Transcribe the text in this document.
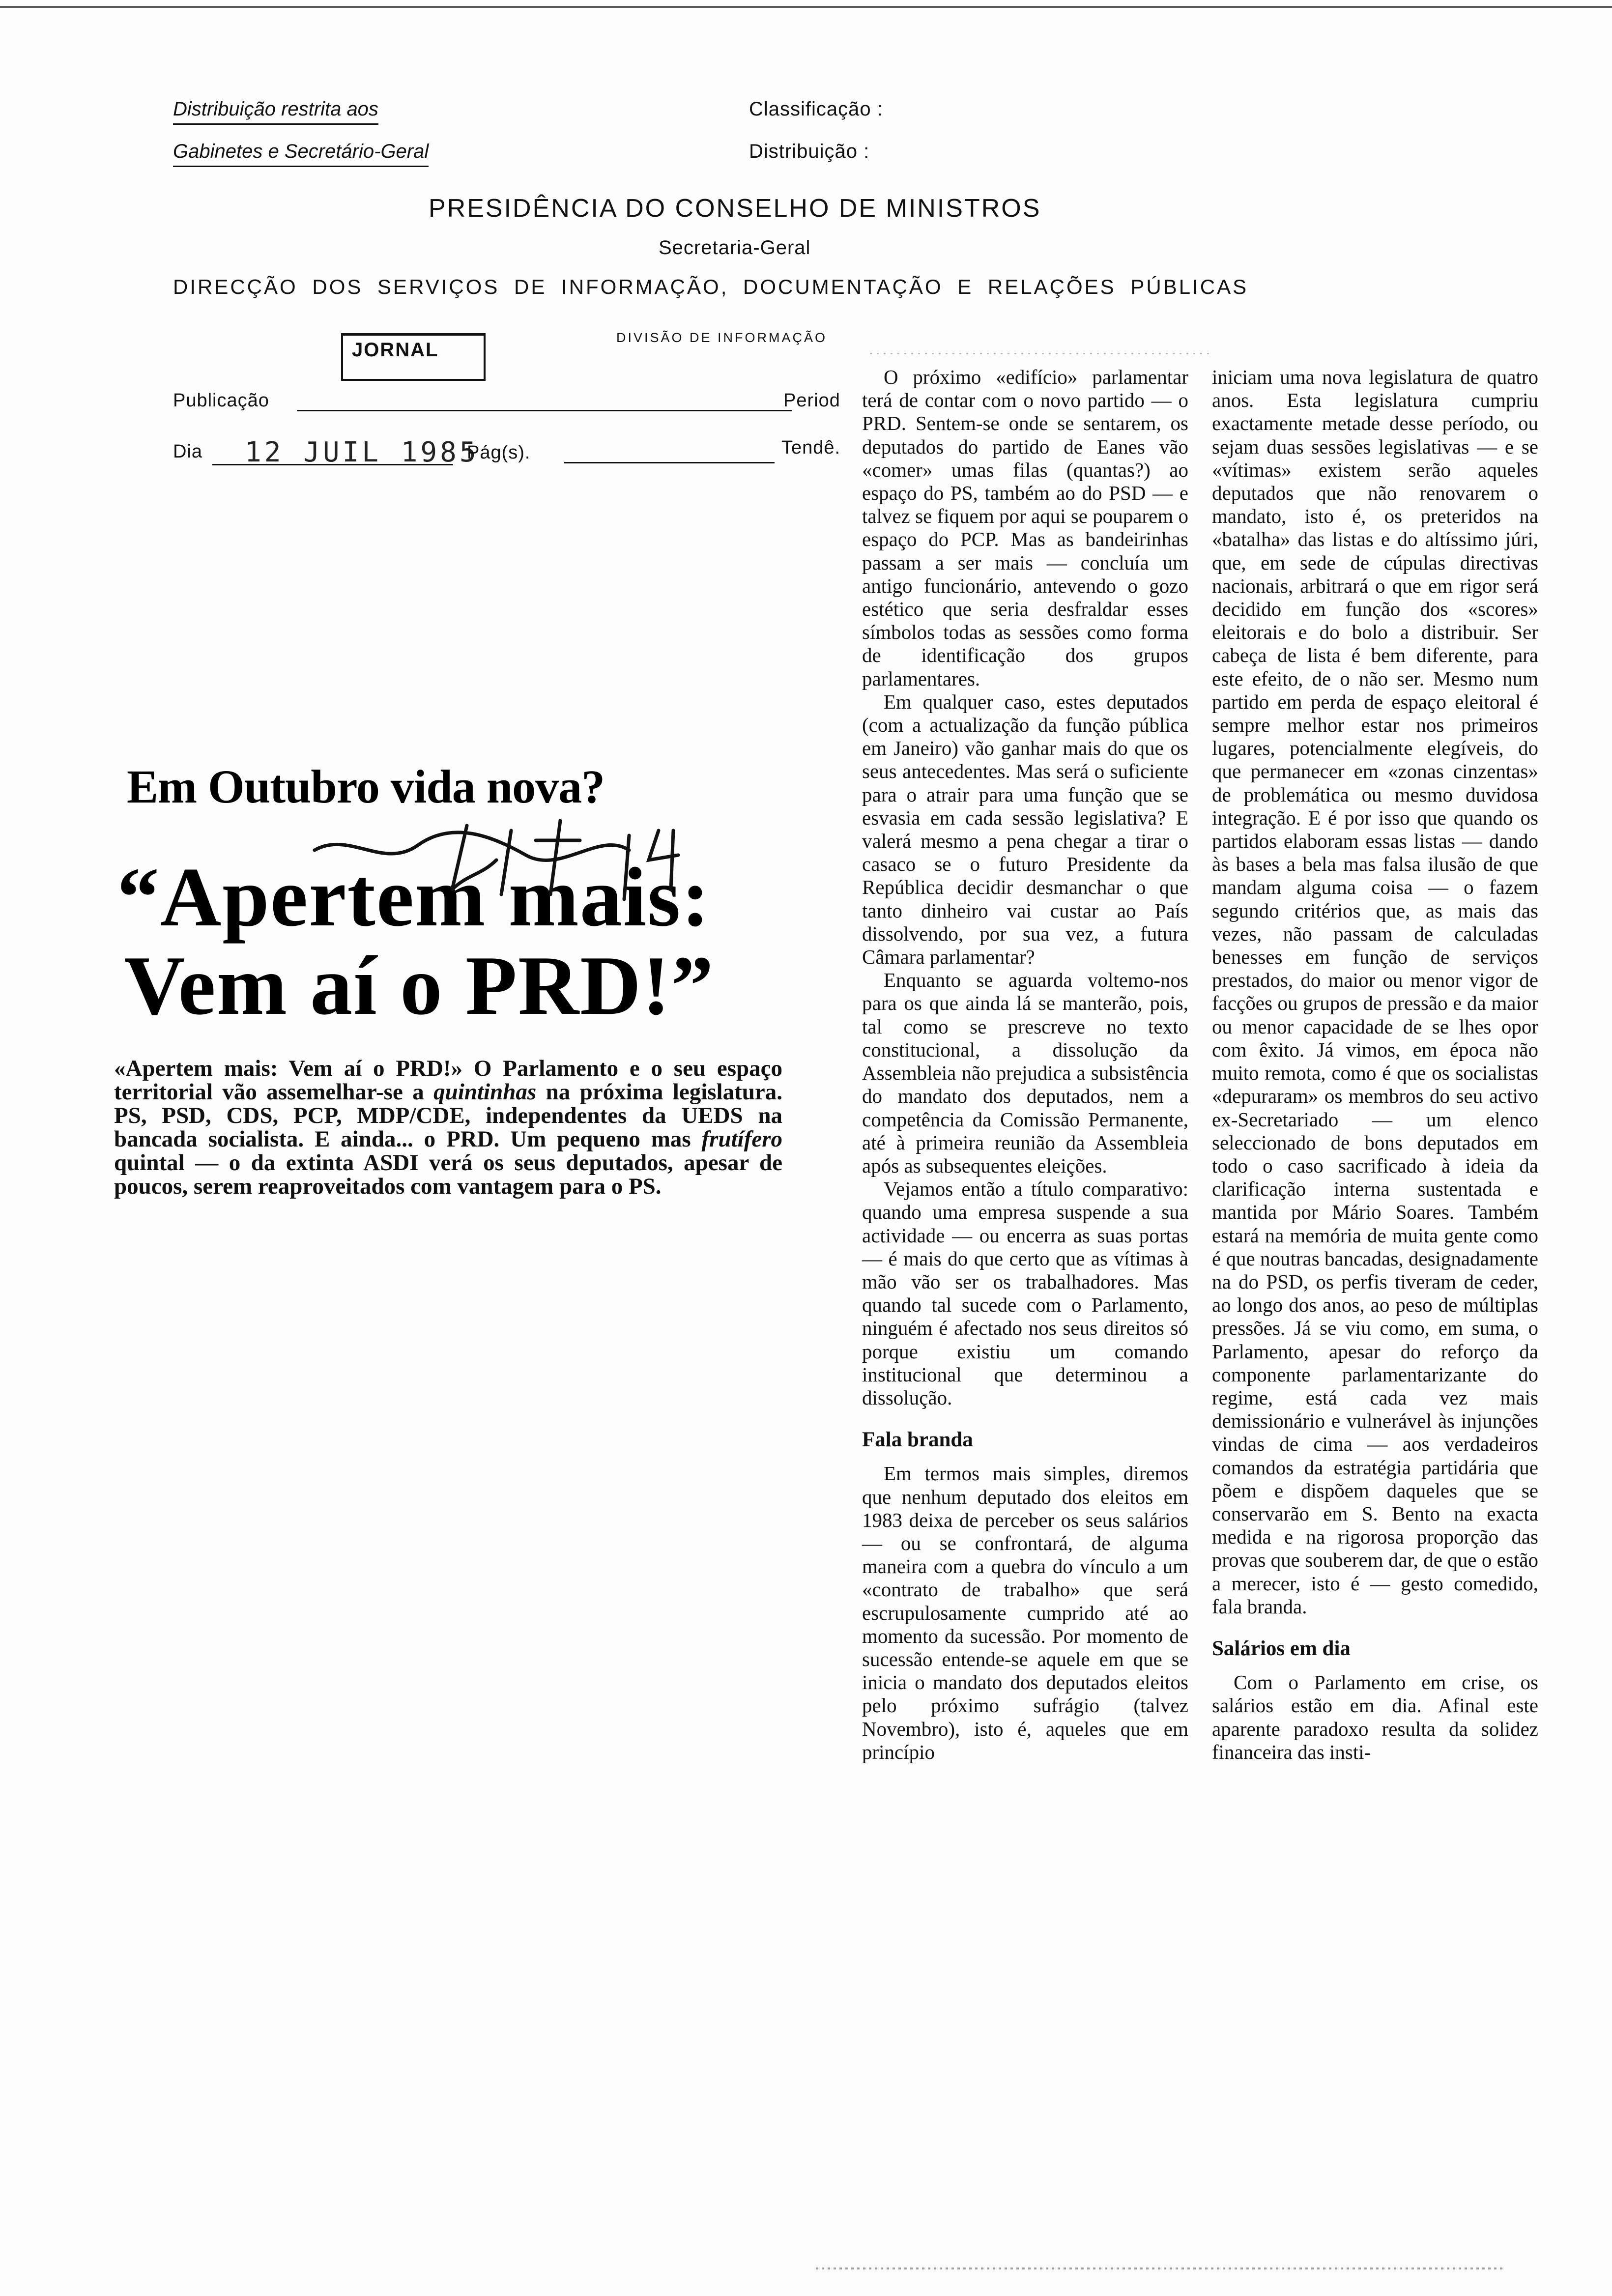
Distribuição restrita aos
Gabinetes e Secretário-Geral
Classificação :
Distribuição :
PRESIDÊNCIA DO CONSELHO DE MINISTROS
Secretaria-Geral
DIRECÇÃO DOS SERVIÇOS DE INFORMAÇÃO, DOCUMENTAÇÃO E RELAÇÕES PÚBLICAS
DIVISÃO DE INFORMAÇÃO
JORNAL
Publicação	Period
Dia 12 JUIL 1985
Pág(s).	Tendê.
Em Outubro vida nova?
“Apertem mais:
Vem aí o PRD!”
«Apertem mais: Vem aí o PRD!» O Parlamento e o seu espaço territorial vão assemelhar-se a quintinhas na próxima legislatura. PS, PSD, CDS, PCP, MDP/CDE, independentes da UEDS na bancada socialista. E ainda... o PRD. Um pequeno mas frutífero quintal — o da extinta ASDI verá os seus deputados, apesar de poucos, serem reaproveitados com vantagem para o PS.

O próximo «edifício» parlamentar terá de contar com o novo partido — o PRD. Sentem-se onde se sentarem, os deputados do partido de Eanes vão «comer» umas filas (quantas?) ao espaço do PS, também ao do PSD — e talvez se fiquem por aqui se pouparem o espaço do PCP. Mas as bandeirinhas passam a ser mais — concluía um antigo funcionário, antevendo o gozo estético que seria desfraldar esses símbolos todas as sessões como forma de identificação dos grupos parlamentares.

Em qualquer caso, estes deputados (com a actualização da função pública em Janeiro) vão ganhar mais do que os seus antecedentes. Mas será o suficiente para o atrair para uma função que se esvasia em cada sessão legislativa? E valerá mesmo a pena chegar a tirar o casaco se o futuro Presidente da República decidir desmanchar o que tanto dinheiro vai custar ao País dissolvendo, por sua vez, a futura Câmara parlamentar?

Enquanto se aguarda voltemo-nos para os que ainda lá se manterão, pois, tal como se prescreve no texto constitucional, a dissolução da Assembleia não prejudica a subsistência do mandato dos deputados, nem a competência da Comissão Permanente, até à primeira reunião da Assembleia após as subsequentes eleições.

Vejamos então a título comparativo: quando uma empresa suspende a sua actividade — ou encerra as suas portas — é mais do que certo que as vítimas à mão vão ser os trabalhadores. Mas quando tal sucede com o Parlamento, ninguém é afectado nos seus direitos só porque existiu um comando institucional que determinou a dissolução.

Fala branda

Em termos mais simples, diremos que nenhum deputado dos eleitos em 1983 deixa de perceber os seus salários — ou se confrontará, de alguma maneira com a quebra do vínculo a um «contrato de trabalho» que será escrupulosamente cumprido até ao momento da sucessão. Por momento de sucessão entende-se aquele em que se inicia o mandato dos deputados eleitos pelo próximo sufrágio (talvez Novembro), isto é, aqueles que em princípio

iniciam uma nova legislatura de quatro anos. Esta legislatura cumpriu exactamente metade desse período, ou sejam duas sessões legislativas — e se «vítimas» existem serão aqueles deputados que não renovarem o mandato, isto é, os preteridos na «batalha» das listas e do altíssimo júri, que, em sede de cúpulas directivas nacionais, arbitrará o que em rigor será decidido em função dos «scores» eleitorais e do bolo a distribuir. Ser cabeça de lista é bem diferente, para este efeito, de o não ser. Mesmo num partido em perda de espaço eleitoral é sempre melhor estar nos primeiros lugares, potencialmente elegíveis, do que permanecer em «zonas cinzentas» de problemática ou mesmo duvidosa integração. E é por isso que quando os partidos elaboram essas listas — dando às bases a bela mas falsa ilusão de que mandam alguma coisa — o fazem segundo critérios que, as mais das vezes, não passam de calculadas benesses em função de serviços prestados, do maior ou menor vigor de facções ou grupos de pressão e da maior ou menor capacidade de se lhes opor com êxito. Já vimos, em época não muito remota, como é que os socialistas «depuraram» os membros do seu activo ex-Secretariado — um elenco seleccionado de bons deputados em todo o caso sacrificado à ideia da clarificação interna sustentada e mantida por Mário Soares. Também estará na memória de muita gente como é que noutras bancadas, designadamente na do PSD, os perfis tiveram de ceder, ao longo dos anos, ao peso de múltiplas pressões. Já se viu como, em suma, o Parlamento, apesar do reforço da componente parlamentarizante do regime, está cada vez mais demissionário e vulnerável às injunções vindas de cima — aos verdadeiros comandos da estratégia partidária que põem e dispõem daqueles que se conservarão em S. Bento na exacta medida e na rigorosa proporção das provas que souberem dar, de que o estão a merecer, isto é — gesto comedido, fala branda.

Salários em dia

Com o Parlamento em crise, os salários estão em dia. Afinal este aparente paradoxo resulta da solidez financeira das insti-
